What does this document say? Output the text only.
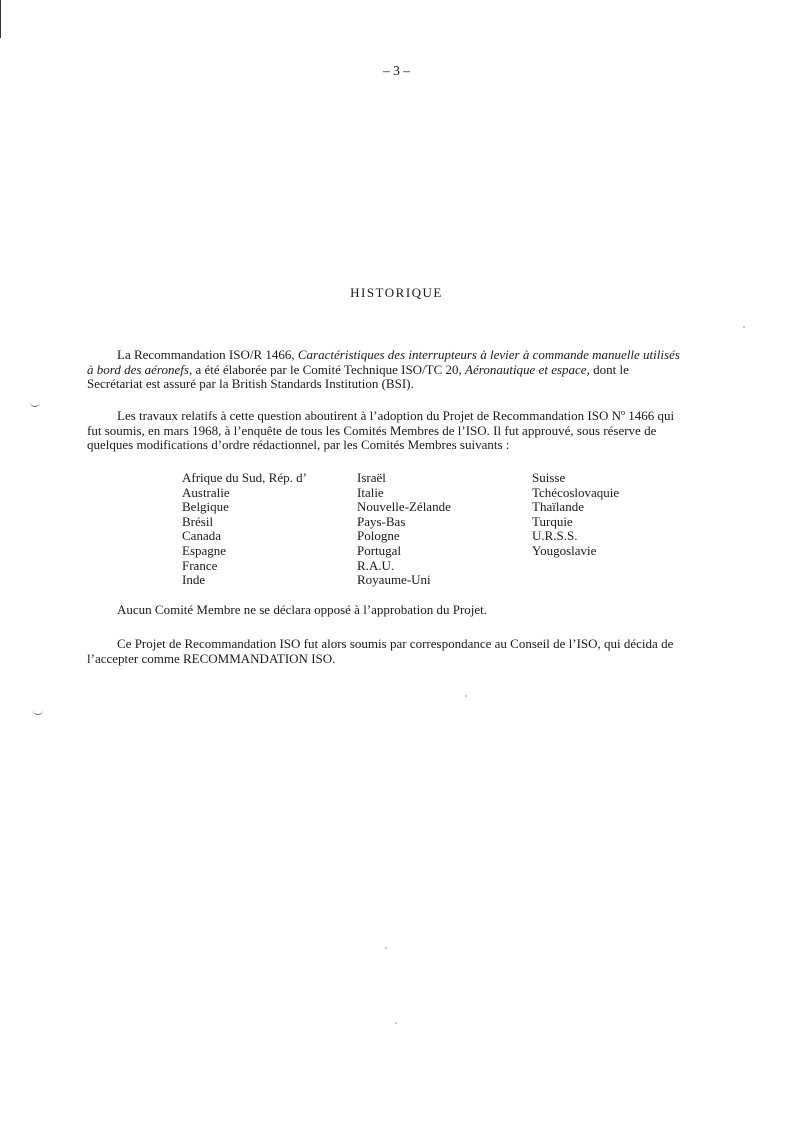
– 3 –
HISTORIQUE
La Recommandation ISO/R 1466, Caractéristiques des interrupteurs à levier à commande manuelle utilisés à bord des aéronefs, a été élaborée par le Comité Technique ISO/TC 20, Aéronautique et espace, dont le Secrétariat est assuré par la British Standards Institution (BSI).
Les travaux relatifs à cette question aboutirent à l’adoption du Projet de Recommandation ISO Nº 1466 qui fut soumis, en mars 1968, à l’enquête de tous les Comités Membres de l’ISO. Il fut approuvé, sous réserve de quelques modifications d’ordre rédactionnel, par les Comités Membres suivants :
Afrique du Sud, Rép. d’
Australie
Belgique
Brésil
Canada
Espagne
France
Inde
Israël
Italie
Nouvelle-Zélande
Pays-Bas
Pologne
Portugal
R.A.U.
Royaume-Uni
Suisse
Tchécoslovaquie
Thaïlande
Turquie
U.R.S.S.
Yougoslavie
Aucun Comité Membre ne se déclara opposé à l’approbation du Projet.
Ce Projet de Recommandation ISO fut alors soumis par correspondance au Conseil de l’ISO, qui décida de l’accepter comme RECOMMANDATION ISO.
